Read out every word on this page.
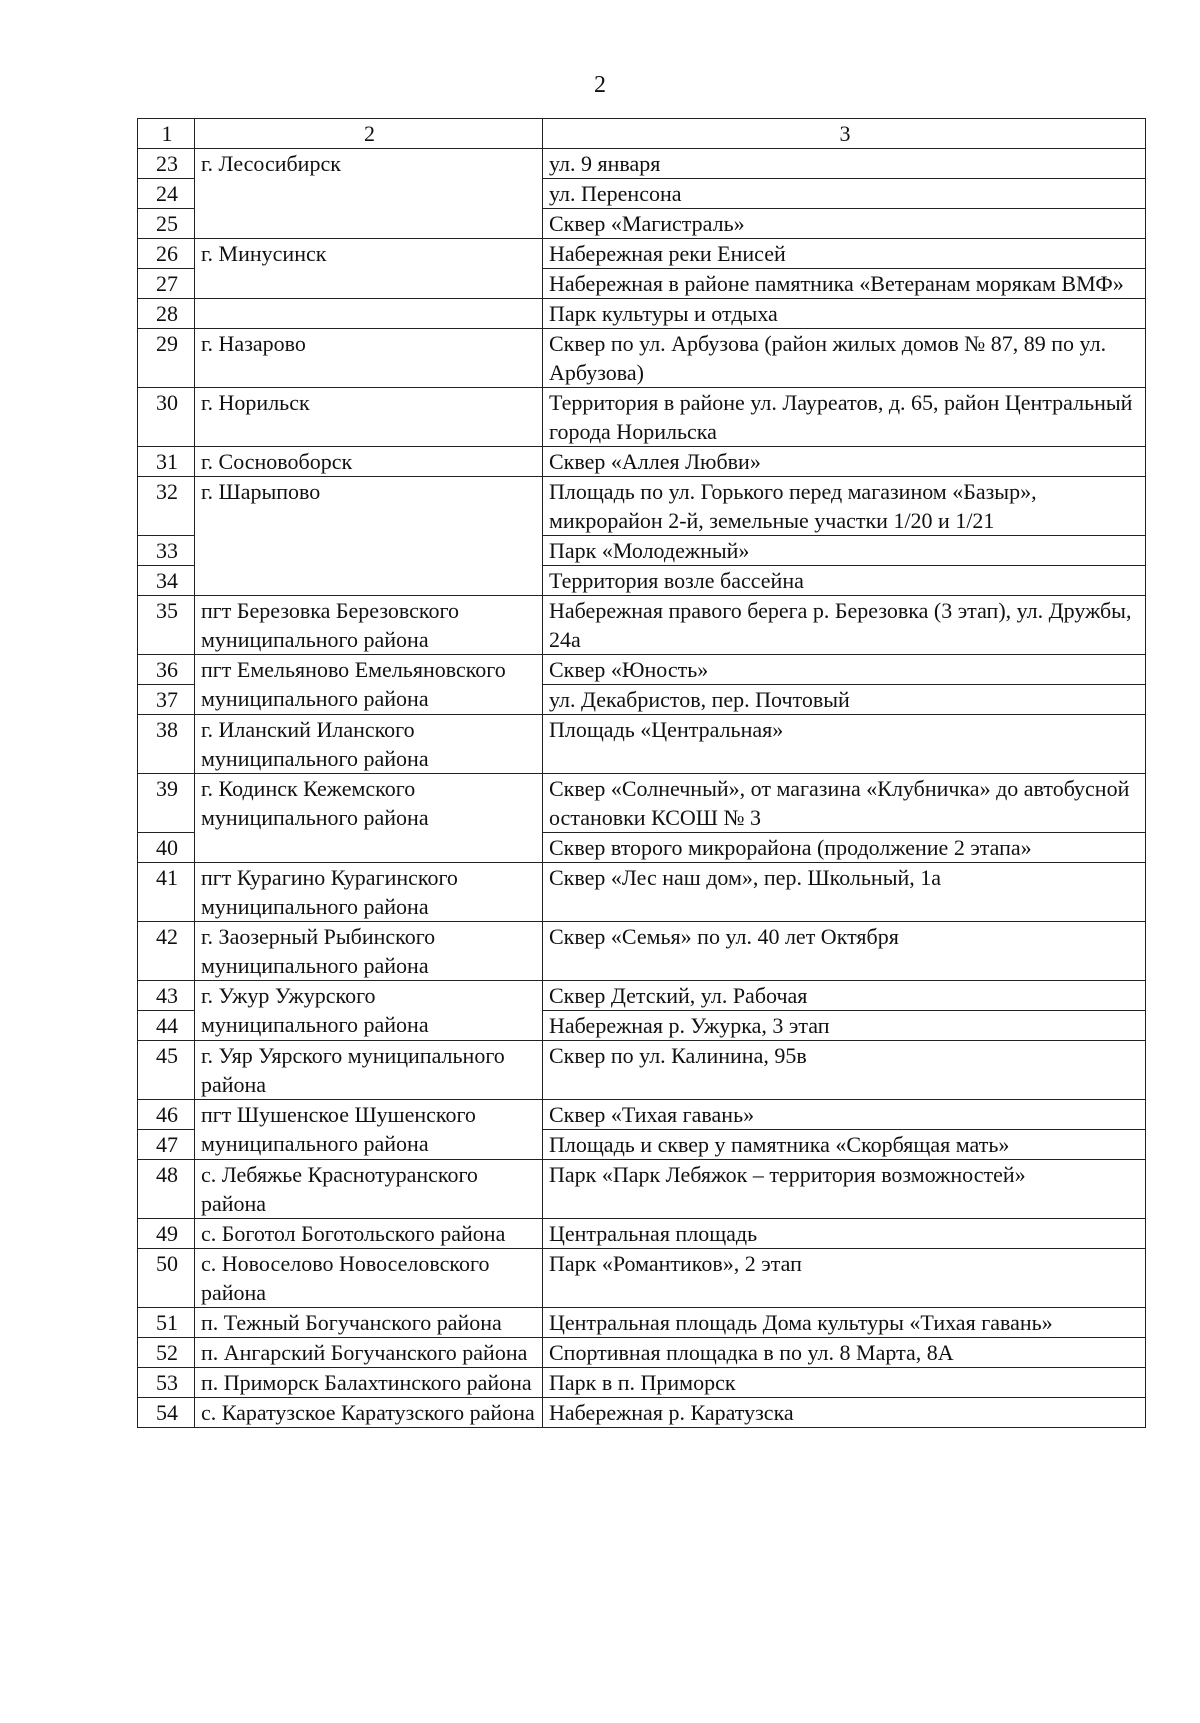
2
1	2	3
23	г. Лесосибирск	ул. 9 января
24		ул. Перенсона
25		Сквер «Магистраль»
26	г. Минусинск	Набережная реки Енисей
27		Набережная в районе памятника «Ветеранам морякам ВМФ»
28		Парк культуры и отдыха
29	г. Назарово	Сквер по ул. Арбузова (район жилых домов № 87, 89 по ул. Арбузова)
30	г. Норильск	Территория в районе ул. Лауреатов, д. 65, район Центральный города Норильска
31	г. Сосновоборск	Сквер «Аллея Любви»
32	г. Шарыпово	Площадь по ул. Горького перед магазином «Базыр», микрорайон 2-й, земельные участки 1/20 и 1/21
33		Парк «Молодежный»
34		Территория возле бассейна
35	пгт Березовка Березовского муниципального района	Набережная правого берега р. Березовка (3 этап), ул. Дружбы, 24а
36	пгт Емельяново Емельяновского муниципального района	Сквер «Юность»
37		ул. Декабристов, пер. Почтовый
38	г. Иланский Иланского муниципального района	Площадь «Центральная»
39	г. Кодинск Кежемского муниципального района	Сквер «Солнечный», от магазина «Клубничка» до автобусной остановки КСОШ № 3
40		Сквер второго микрорайона (продолжение 2 этапа»
41	пгт Курагино Курагинского муниципального района	Сквер «Лес наш дом», пер. Школьный, 1а
42	г. Заозерный Рыбинского муниципального района	Сквер «Семья» по ул. 40 лет Октября
43	г. Ужур Ужурского муниципального района	Сквер Детский, ул. Рабочая
44		Набережная р. Ужурка, 3 этап
45	г. Уяр Уярского муниципального района	Сквер по ул. Калинина, 95в
46	пгт Шушенское Шушенского муниципального района	Сквер «Тихая гавань»
47		Площадь и сквер у памятника «Скорбящая мать»
48	с. Лебяжье Краснотуранского района	Парк «Парк Лебяжок – территория возможностей»
49	с. Боготол Боготольского района	Центральная площадь
50	с. Новоселово Новоселовского района	Парк «Романтиков», 2 этап
51	п. Тежный Богучанского района	Центральная площадь Дома культуры «Тихая гавань»
52	п. Ангарский Богучанского района	Спортивная площадка в по ул. 8 Марта, 8А
53	п. Приморск Балахтинского района	Парк в п. Приморск
54	с. Каратузское Каратузского района	Набережная р. Каратузска
